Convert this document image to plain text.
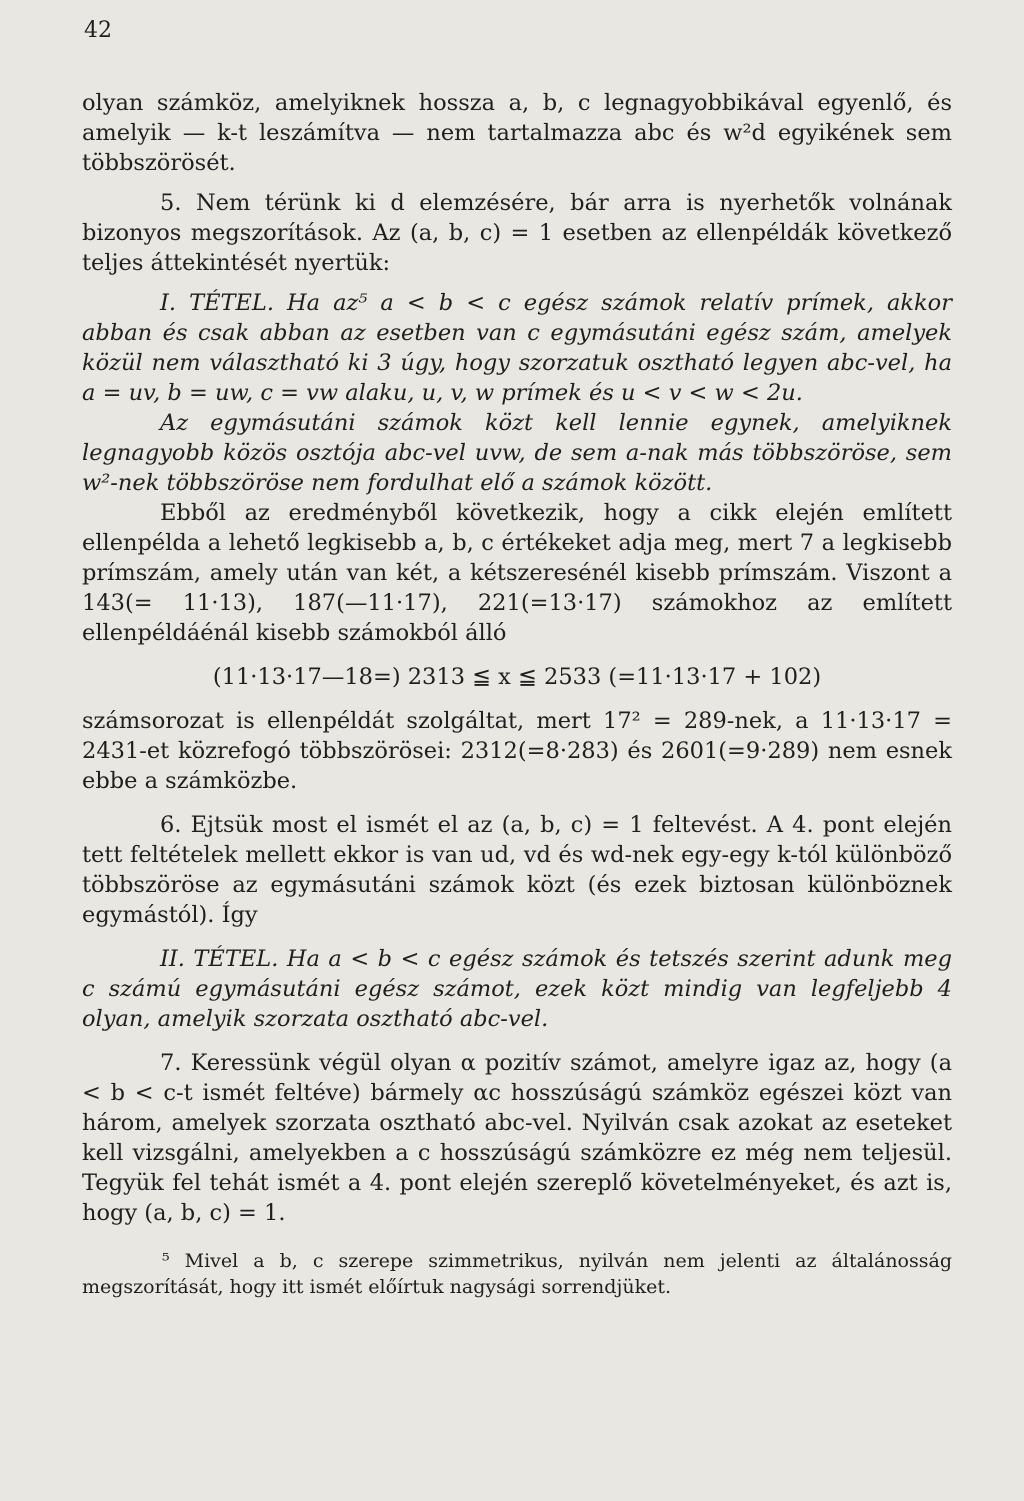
42

olyan számköz, amelyiknek hossza a, b, c legnagyobbikával egyenlő, és amelyik — k-t leszámítva — nem tartalmazza abc és w²d egyikének sem többszörösét.

5. Nem térünk ki d elemzésére, bár arra is nyerhetők volnának bizonyos megszorítások. Az (a, b, c) = 1 esetben az ellenpéldák következő teljes áttekintését nyertük:

I. TÉTEL. Ha az⁵ a < b < c egész számok relatív prímek, akkor abban és csak abban az esetben van c egymásutáni egész szám, amelyek közül nem választható ki 3 úgy, hogy szorzatuk osztható legyen abc-vel, ha a = uv, b = uw, c = vw alaku, u, v, w prímek és u < v < w < 2u.

Az egymásutáni számok közt kell lennie egynek, amelyiknek legnagyobb közös osztója abc-vel uvw, de sem a-nak más többszöröse, sem w²-nek többszöröse nem fordulhat elő a számok között.

Ebből az eredményből következik, hogy a cikk elején említett ellenpélda a lehető legkisebb a, b, c értékeket adja meg, mert 7 a legkisebb prímszám, amely után van két, a kétszeresénél kisebb prímszám. Viszont a 143(= 11·13), 187(—11·17), 221(=13·17) számokhoz az említett ellenpéldáénál kisebb számokból álló

(11·13·17—18=) 2313 ≦ x ≦ 2533 (=11·13·17 + 102)

számsorozat is ellenpéldát szolgáltat, mert 17² = 289-nek, a 11·13·17 = 2431-et közrefogó többszörösei: 2312(=8·283) és 2601(=9·289) nem esnek ebbe a számközbe.

6. Ejtsük most el ismét el az (a, b, c) = 1 feltevést. A 4. pont elején tett feltételek mellett ekkor is van ud, vd és wd-nek egy-egy k-tól különböző többszöröse az egymásutáni számok közt (és ezek biztosan különböznek egymástól). Így

II. TÉTEL. Ha a < b < c egész számok és tetszés szerint adunk meg c számú egymásutáni egész számot, ezek közt mindig van legfeljebb 4 olyan, amelyik szorzata osztható abc-vel.

7. Keressünk végül olyan α pozitív számot, amelyre igaz az, hogy (a < b < c-t ismét feltéve) bármely αc hosszúságú számköz egészei közt van három, amelyek szorzata osztható abc-vel. Nyilván csak azokat az eseteket kell vizsgálni, amelyekben a c hosszúságú számközre ez még nem teljesül. Tegyük fel tehát ismét a 4. pont elején szereplő követelményeket, és azt is, hogy (a, b, c) = 1.

⁵ Mivel a b, c szerepe szimmetrikus, nyilván nem jelenti az általánosság megszorítását, hogy itt ismét előírtuk nagysági sorrendjüket.
